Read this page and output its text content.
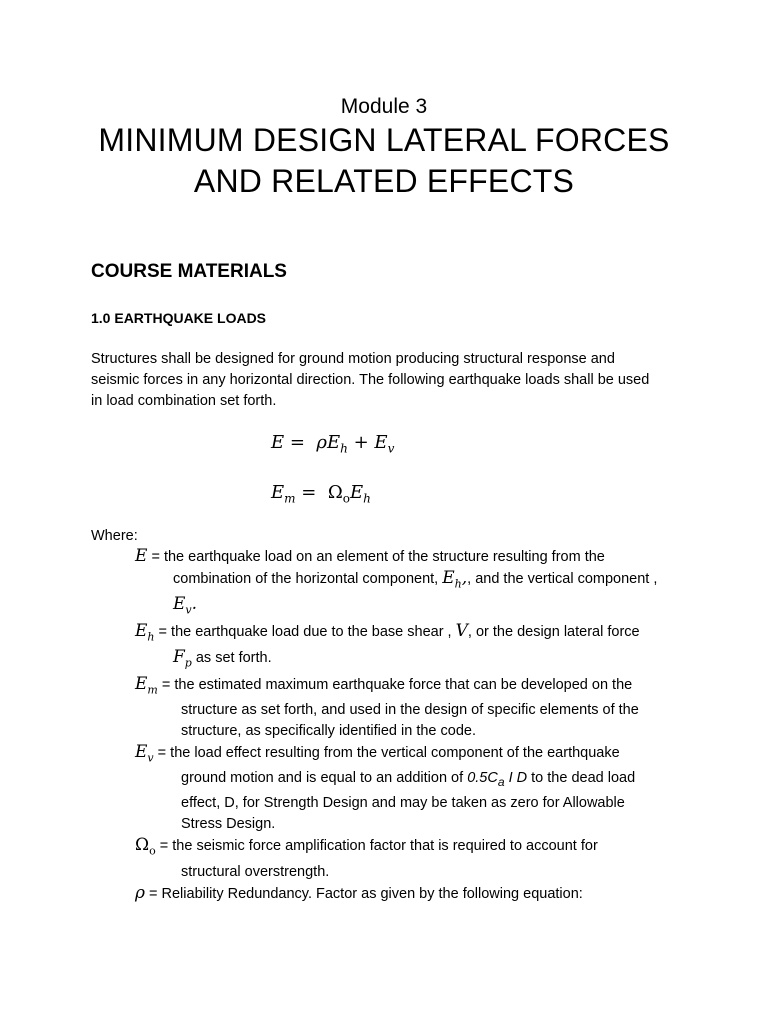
Module 3
MINIMUM DESIGN LATERAL FORCES
AND RELATED EFFECTS
COURSE MATERIALS
1.0 EARTHQUAKE LOADS
Structures shall be designed for ground motion producing structural response and
seismic forces in any horizontal direction. The following earthquake loads shall be used
in load combination set forth.
$E = \rho E_h + E_v$
$E_m = \Omega_oE_h$
Where:
E = the earthquake load on an element of the structure resulting from the
combination of the horizontal component, $E_h$,, and the vertical component ,
$E_v$.
$E_h$ = the earthquake load due to the base shear , V, or the design lateral force
$F_p$ as set forth.
$E_m$ = the estimated maximum earthquake force that can be developed on the
structure as set forth, and used in the design of specific elements of the
structure, as specifically identified in the code.
$E_v$ = the load effect resulting from the vertical component of the earthquake
ground motion and is equal to an addition of $0.5C_a$ I D to the dead load
effect, D, for Strength Design and may be taken as zero for Allowable
Stress Design.
$\Omega_o$ = the seismic force amplification factor that is required to account for
structural overstrength.
ρ = Reliability Redundancy. Factor as given by the following equation:
